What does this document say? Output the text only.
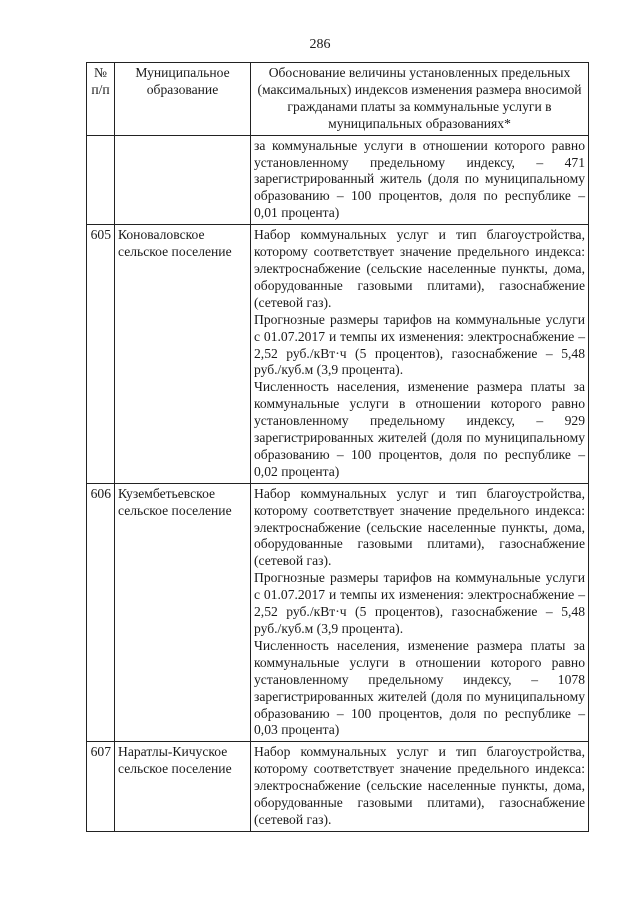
286
№ п/п	Муниципальное образование	Обоснование величины установленных предельных (максимальных) индексов изменения размера вносимой гражданами платы за коммунальные услуги в муниципальных образованиях*

		за коммунальные услуги в отношении которого равно установленному предельному индексу, – 471 зарегистрированный житель (доля по муниципальному образованию – 100 процентов, доля по республике – 0,01 процента)

605	Коноваловское сельское поселение	Набор коммунальных услуг и тип благоустройства, которому соответствует значение предельного индекса: электроснабжение (сельские населенные пункты, дома, оборудованные газовыми плитами), газоснабжение (сетевой газ).

Прогнозные размеры тарифов на коммунальные услуги с 01.07.2017 и темпы их изменения: электроснабжение – 2,52 руб./кВт·ч (5 процентов), газоснабжение – 5,48 руб./куб.м (3,9 процента).

Численность населения, изменение размера платы за коммунальные услуги в отношении которого равно установленному предельному индексу, – 929 зарегистрированных жителей (доля по муниципальному образованию – 100 процентов, доля по республике – 0,02 процента)

606	Кузембетьевское сельское поселение	Набор коммунальных услуг и тип благоустройства, которому соответствует значение предельного индекса: электроснабжение (сельские населенные пункты, дома, оборудованные газовыми плитами), газоснабжение (сетевой газ).

Прогнозные размеры тарифов на коммунальные услуги с 01.07.2017 и темпы их изменения: электроснабжение – 2,52 руб./кВт·ч (5 процентов), газоснабжение – 5,48 руб./куб.м (3,9 процента).

Численность населения, изменение размера платы за коммунальные услуги в отношении которого равно установленному предельному индексу, – 1078 зарегистрированных жителей (доля по муниципальному образованию – 100 процентов, доля по республике – 0,03 процента)

607	Наратлы-Кичуское сельское поселение	Набор коммунальных услуг и тип благоустройства, которому соответствует значение предельного индекса: электроснабжение (сельские населенные пункты, дома, оборудованные газовыми плитами), газоснабжение (сетевой газ).
